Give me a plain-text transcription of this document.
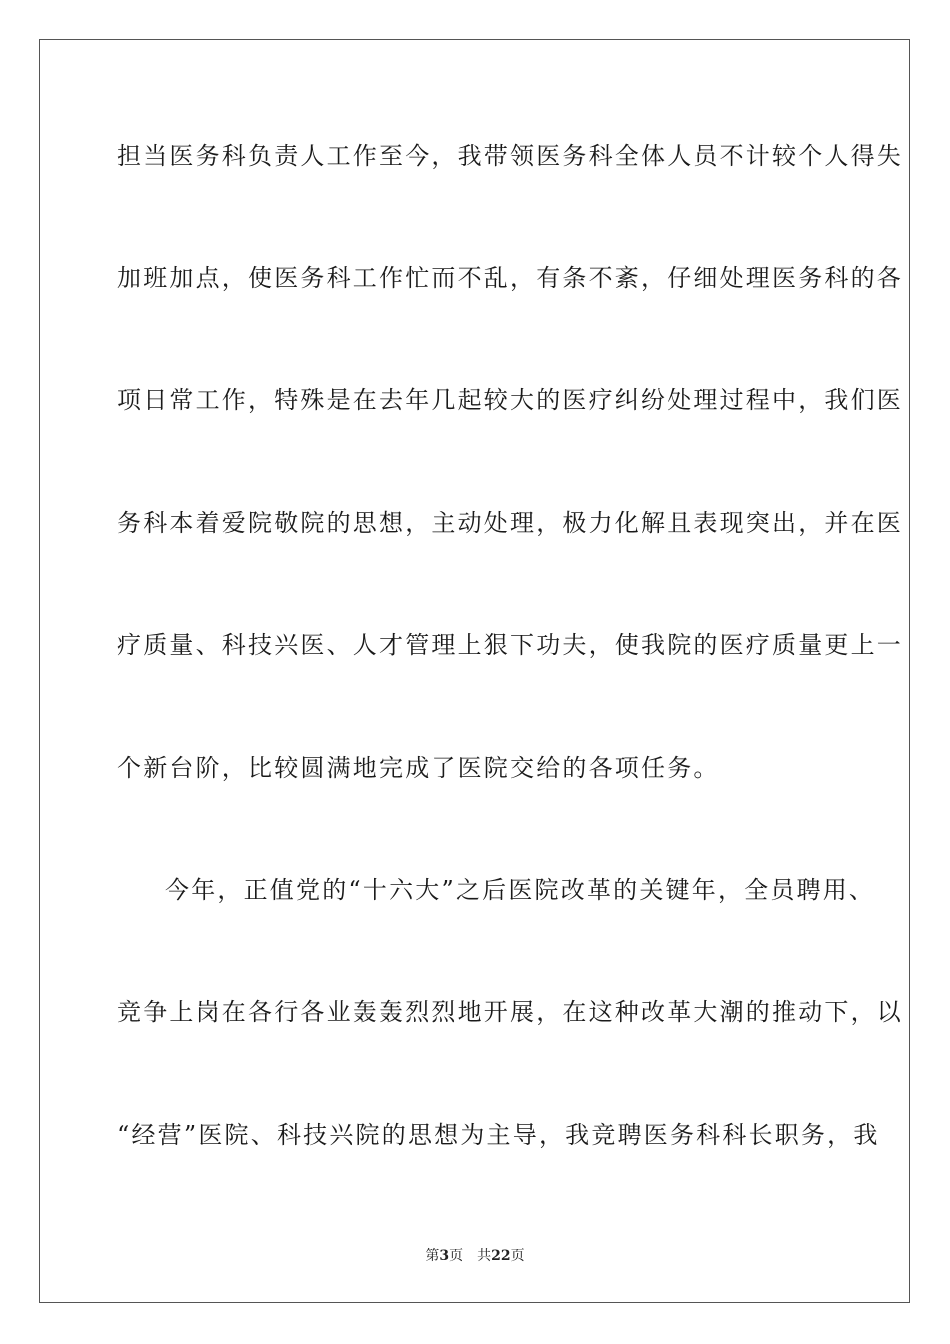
担当医务科负责人工作至今，我带领医务科全体人员不计较个人得失
加班加点，使医务科工作忙而不乱，有条不紊，仔细处理医务科的各
项日常工作，特殊是在去年几起较大的医疗纠纷处理过程中，我们医
务科本着爱院敬院的思想，主动处理，极力化解且表现突出，并在医
疗质量、科技兴医、人才管理上狠下功夫，使我院的医疗质量更上一
个新台阶，比较圆满地完成了医院交给的各项任务。
今年，正值党的“十六大”之后医院改革的关键年，全员聘用、
竞争上岗在各行各业轰轰烈烈地开展，在这种改革大潮的推动下，以
“经营”医院、科技兴院的思想为主导，我竞聘医务科科长职务，我
第3页 共22页
